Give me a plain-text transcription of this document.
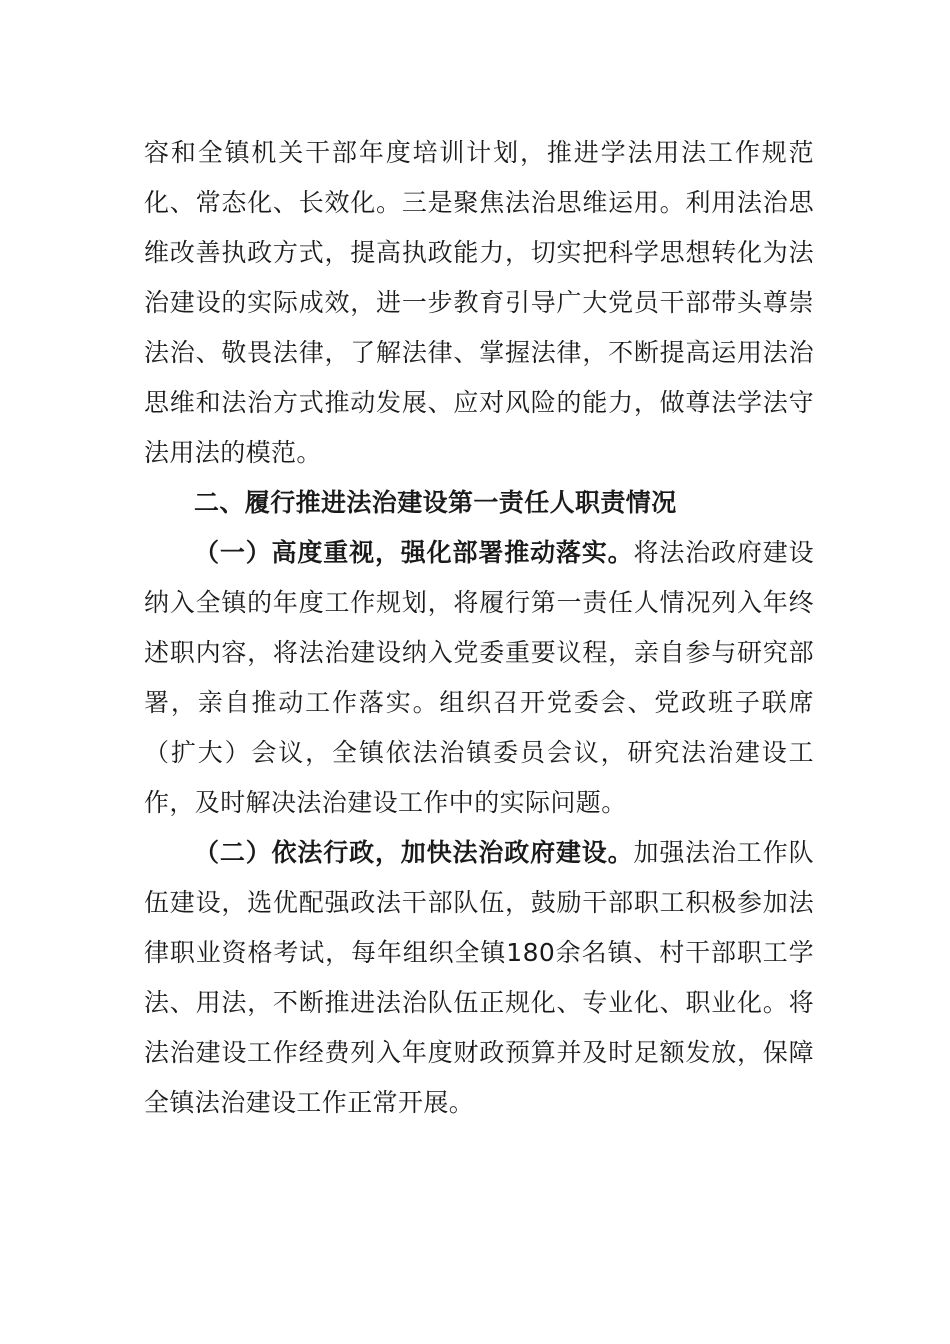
容和全镇机关干部年度培训计划，推进学法用法工作规范化、常态化、长效化。三是聚焦法治思维运用。利用法治思维改善执政方式，提高执政能力，切实把科学思想转化为法治建设的实际成效，进一步教育引导广大党员干部带头尊崇法治、敬畏法律，了解法律、掌握法律，不断提高运用法治思维和法治方式推动发展、应对风险的能力，做尊法学法守法用法的模范。

二、履行推进法治建设第一责任人职责情况

（一）高度重视，强化部署推动落实。将法治政府建设纳入全镇的年度工作规划，将履行第一责任人情况列入年终述职内容，将法治建设纳入党委重要议程，亲自参与研究部署，亲自推动工作落实。组织召开党委会、党政班子联席（扩大）会议，全镇依法治镇委员会议，研究法治建设工作，及时解决法治建设工作中的实际问题。

（二）依法行政，加快法治政府建设。加强法治工作队伍建设，选优配强政法干部队伍，鼓励干部职工积极参加法律职业资格考试，每年组织全镇180余名镇、村干部职工学法、用法，不断推进法治队伍正规化、专业化、职业化。将法治建设工作经费列入年度财政预算并及时足额发放，保障全镇法治建设工作正常开展。
